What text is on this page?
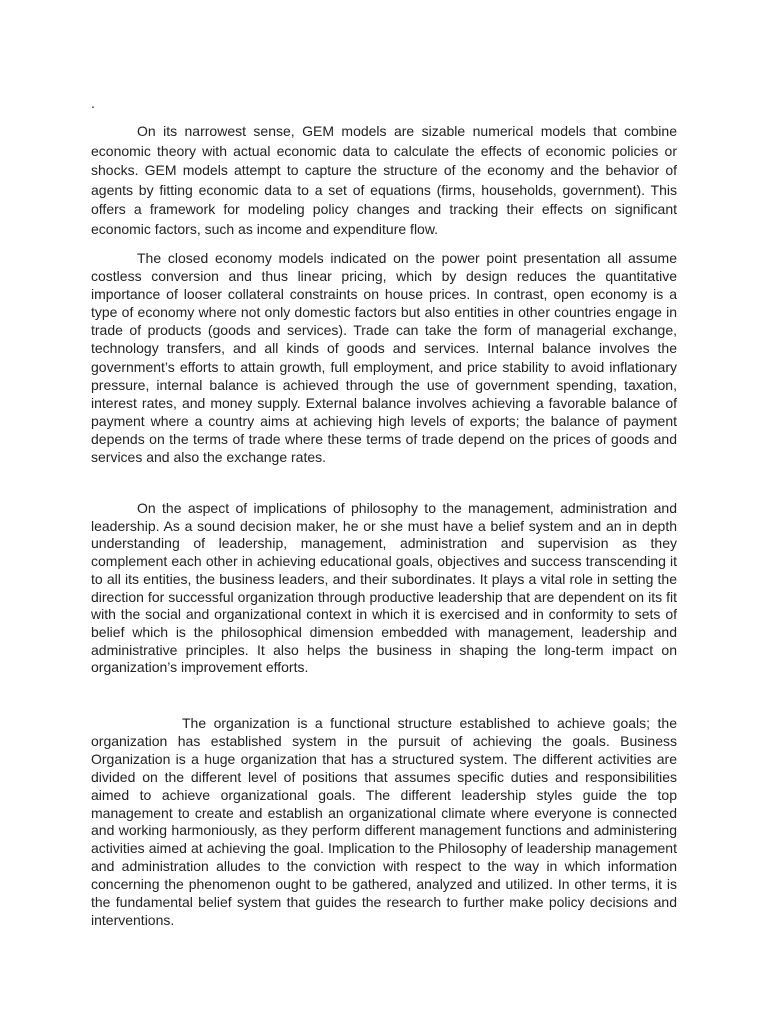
.

On its narrowest sense, GEM models are sizable numerical models that combine economic theory with actual economic data to calculate the effects of economic policies or shocks. GEM models attempt to capture the structure of the economy and the behavior of agents by fitting economic data to a set of equations (firms, households, government). This offers a framework for modeling policy changes and tracking their effects on significant economic factors, such as income and expenditure flow.

The closed economy models indicated on the power point presentation all assume costless conversion and thus linear pricing, which by design reduces the quantitative importance of looser collateral constraints on house prices. In contrast, open economy is a type of economy where not only domestic factors but also entities in other countries engage in trade of products (goods and services). Trade can take the form of managerial exchange, technology transfers, and all kinds of goods and services. Internal balance involves the government’s efforts to attain growth, full employment, and price stability to avoid inflationary pressure, internal balance is achieved through the use of government spending, taxation, interest rates, and money supply. External balance involves achieving a favorable balance of payment where a country aims at achieving high levels of exports; the balance of payment depends on the terms of trade where these terms of trade depend on the prices of goods and services and also the exchange rates.

On the aspect of implications of philosophy to the management, administration and leadership. As a sound decision maker, he or she must have a belief system and an in depth understanding of leadership, management, administration and supervision as they complement each other in achieving educational goals, objectives and success transcending it to all its entities, the business leaders, and their subordinates. It plays a vital role in setting the direction for successful organization through productive leadership that are dependent on its fit with the social and organizational context in which it is exercised and in conformity to sets of belief which is the philosophical dimension embedded with management, leadership and administrative principles. It also helps the business in shaping the long-term impact on organization’s improvement efforts.

The organization is a functional structure established to achieve goals; the organization has established system in the pursuit of achieving the goals. Business Organization is a huge organization that has a structured system. The different activities are divided on the different level of positions that assumes specific duties and responsibilities aimed to achieve organizational goals. The different leadership styles guide the top management to create and establish an organizational climate where everyone is connected and working harmoniously, as they perform different management functions and administering activities aimed at achieving the goal. Implication to the Philosophy of leadership management and administration alludes to the conviction with respect to the way in which information concerning the phenomenon ought to be gathered, analyzed and utilized. In other terms, it is the fundamental belief system that guides the research to further make policy decisions and interventions.
